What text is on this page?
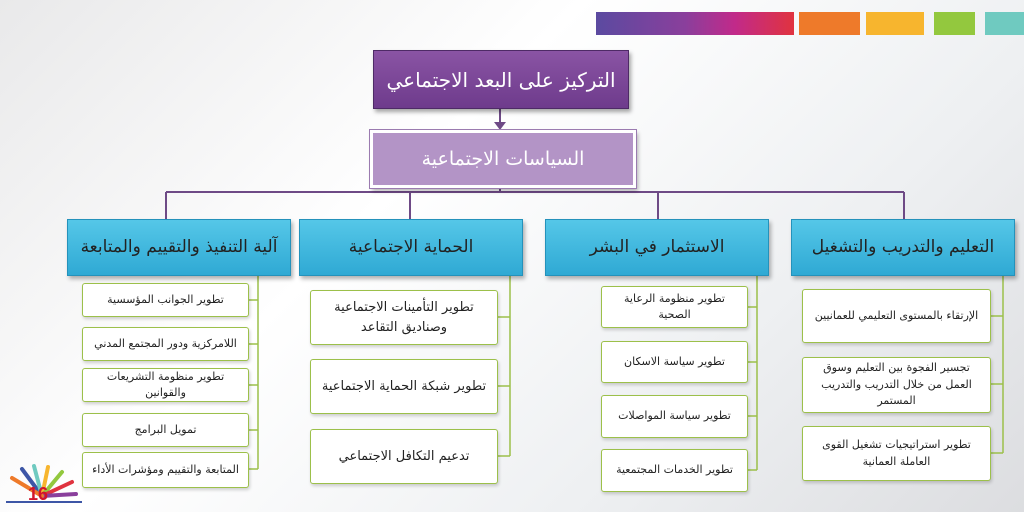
التركيز على البعد الاجتماعي
السياسات الاجتماعية
التعليم والتدريب والتشغيل
الإرتقاء بالمستوى التعليمي للعمانيين
تجسير الفجوة بين التعليم وسوق العمل من خلال التدريب والتدريب المستمر
تطوير استراتيجيات تشغيل القوى العاملة العمانية
الاستثمار في البشر
تطوير منظومة الرعاية الصحية
تطوير سياسة الاسكان
تطوير سياسة المواصلات
تطوير الخدمات المجتمعية
الحماية الاجتماعية
تطوير التأمينات الاجتماعية وصناديق التقاعد
تطوير شبكة الحماية الاجتماعية
تدعيم التكافل الاجتماعي
آلية التنفيذ والتقييم والمتابعة
تطوير الجوانب المؤسسية
اللامركزية ودور المجتمع المدني
تطوير منظومة التشريعات والقوانين
تمويل البرامج
المتابعة والتقييم ومؤشرات الأداء
16
